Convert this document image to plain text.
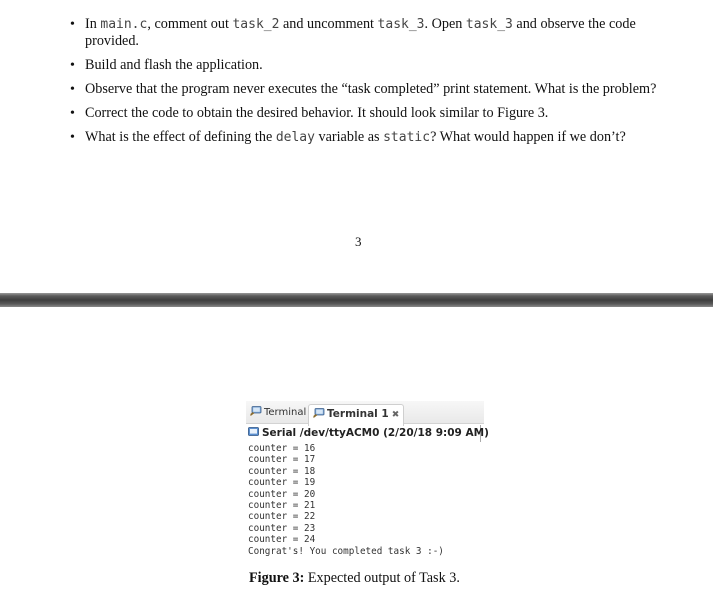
• In main.c, comment out task_2 and uncomment task_3. Open task_3 and observe the code provided.
• Build and flash the application.
• Observe that the program never executes the “task completed” print statement. What is the problem?
• Correct the code to obtain the desired behavior. It should look similar to Figure 3.
• What is the effect of defining the delay variable as static? What would happen if we don’t?
3
Terminal	Terminal 1 ✖
Serial /dev/ttyACM0 (2/20/18 9:09 AM)
counter = 16
counter = 17
counter = 18
counter = 19
counter = 20
counter = 21
counter = 22
counter = 23
counter = 24
Congrat's! You completed task 3 :-)
Figure 3: Expected output of Task 3.
